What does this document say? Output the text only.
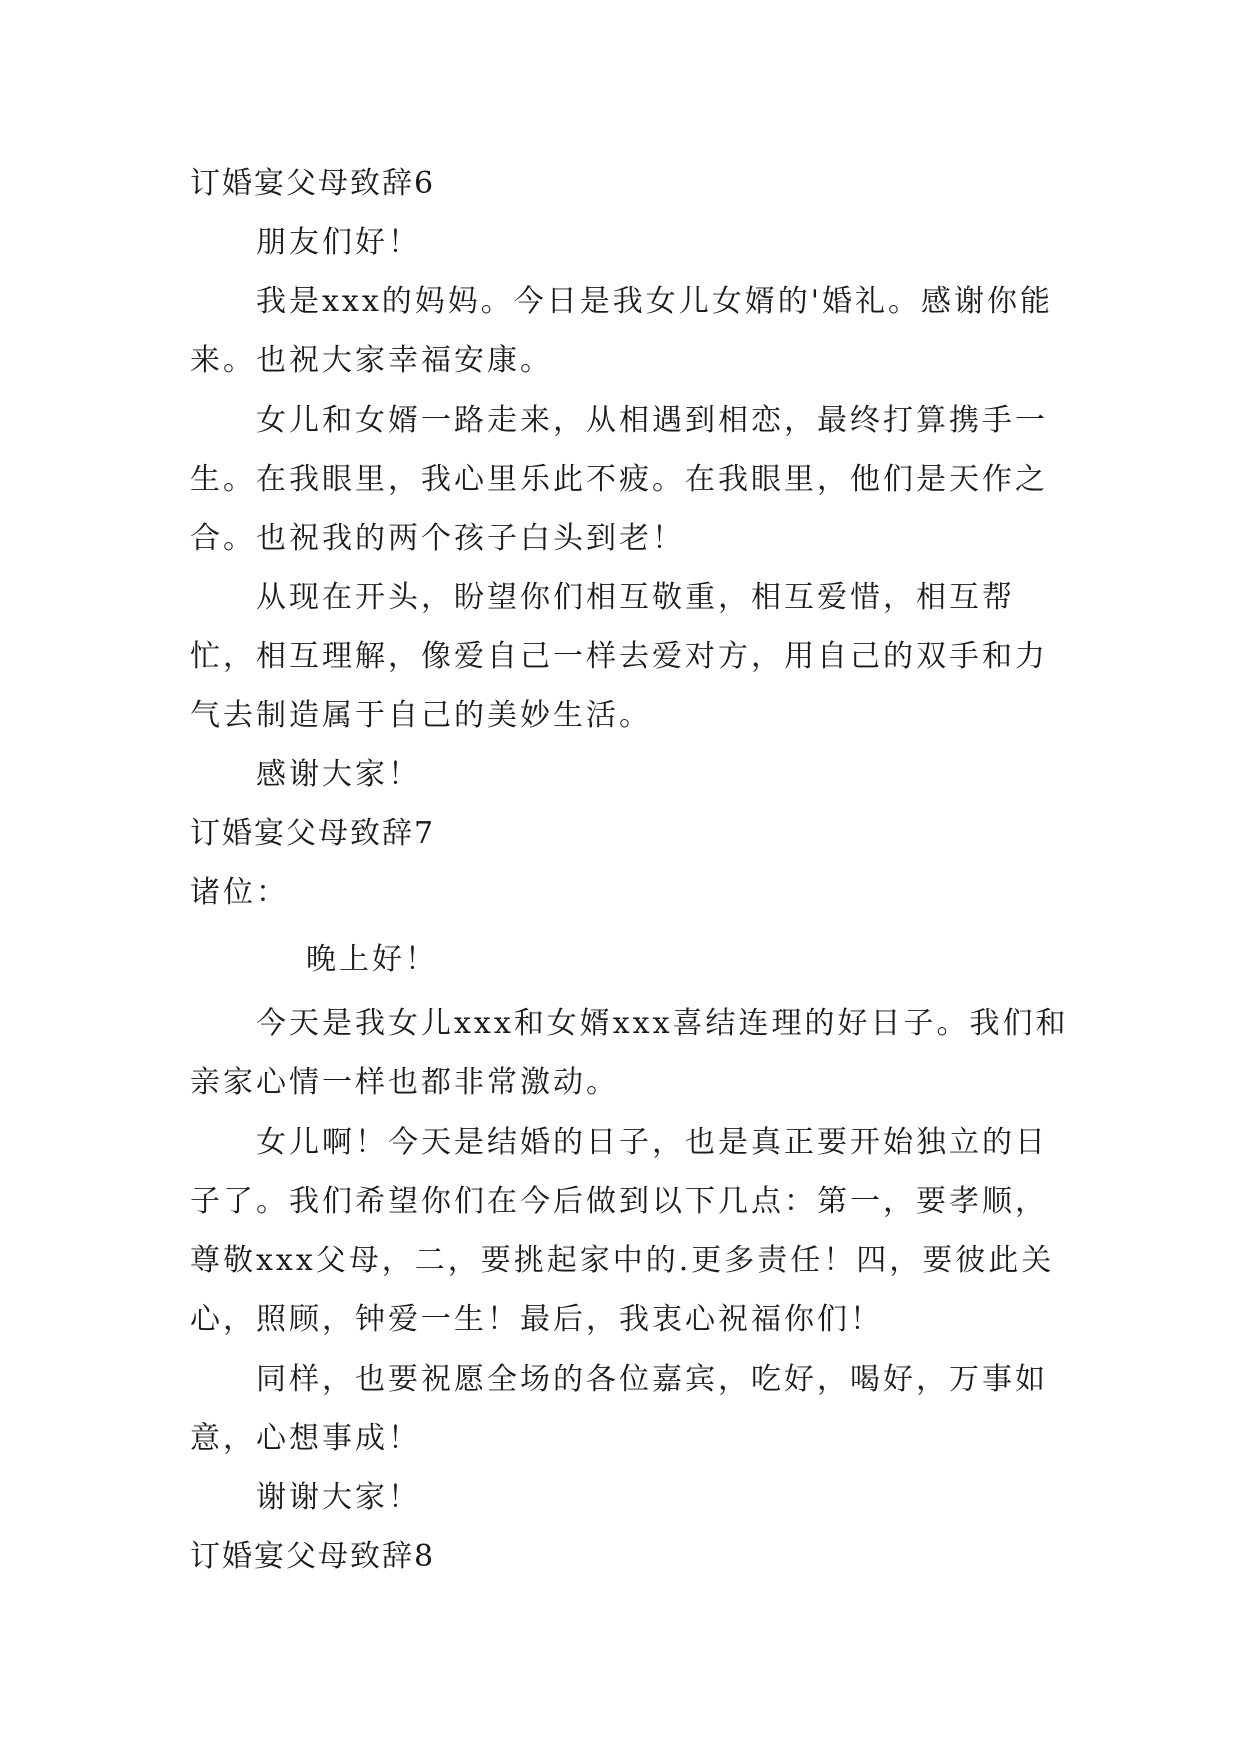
订婚宴父母致辞6
朋友们好！
我是xxx的妈妈。今日是我女儿女婿的'婚礼。感谢你能来。也祝大家幸福安康。
女儿和女婿一路走来，从相遇到相恋，最终打算携手一生。在我眼里，我心里乐此不疲。在我眼里，他们是天作之合。也祝我的两个孩子白头到老！
从现在开头，盼望你们相互敬重，相互爱惜，相互帮忙，相互理解，像爱自己一样去爱对方，用自己的双手和力气去制造属于自己的美妙生活。
感谢大家！
订婚宴父母致辞7
诸位：
晚上好！
今天是我女儿xxx和女婿xxx喜结连理的好日子。我们和亲家心情一样也都非常激动。
女儿啊！今天是结婚的日子，也是真正要开始独立的日子了。我们希望你们在今后做到以下几点：第一，要孝顺，尊敬xxx父母，二，要挑起家中的.更多责任！四，要彼此关心，照顾，钟爱一生！最后，我衷心祝福你们！
同样，也要祝愿全场的各位嘉宾，吃好，喝好，万事如意，心想事成！
谢谢大家！
订婚宴父母致辞8
